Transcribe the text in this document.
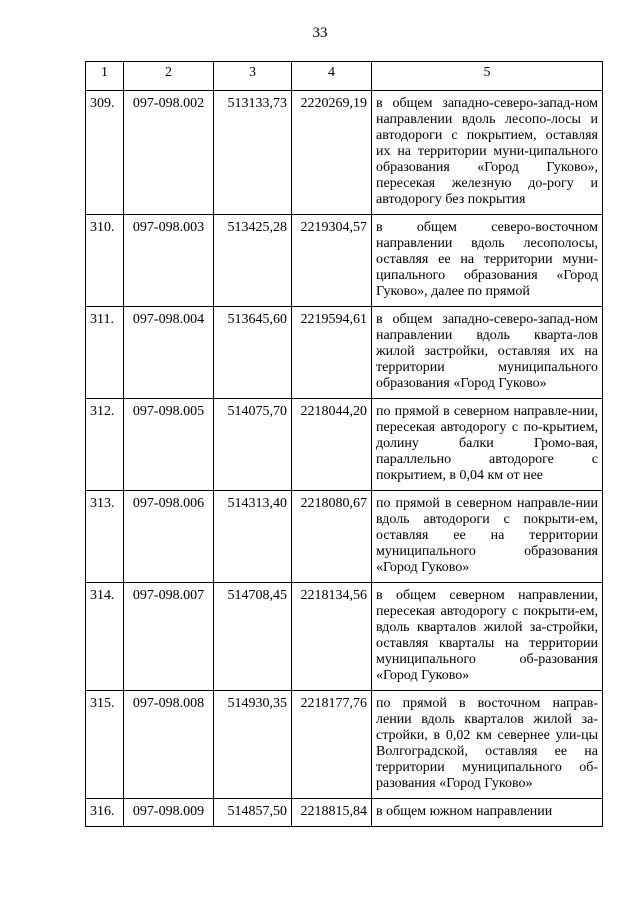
33
1	2	3	4	5
309.	097-098.002	513133,73	2220269,19	в общем западно-северо-запад-ном направлении вдоль лесопо-лосы и автодороги с покрытием, оставляя их на территории муни-ципального образования «Город Гуково», пересекая железную до-рогу и автодорогу без покрытия
310.	097-098.003	513425,28	2219304,57	в общем северо-восточном направлении вдоль лесополосы, оставляя ее на территории муни-ципального образования «Город Гуково», далее по прямой
311.	097-098.004	513645,60	2219594,61	в общем западно-северо-запад-ном направлении вдоль кварта-лов жилой застройки, оставляя их на территории муниципального образования «Город Гуково»
312.	097-098.005	514075,70	2218044,20	по прямой в северном направле-нии, пересекая автодорогу с по-крытием, долину балки Громо-вая, параллельно автодороге с покрытием, в 0,04 км от нее
313.	097-098.006	514313,40	2218080,67	по прямой в северном направле-нии вдоль автодороги с покрыти-ем, оставляя ее на территории муниципального образования «Город Гуково»
314.	097-098.007	514708,45	2218134,56	в общем северном направлении, пересекая автодорогу с покрыти-ем, вдоль кварталов жилой за-стройки, оставляя кварталы на территории муниципального об-разования «Город Гуково»
315.	097-098.008	514930,35	2218177,76	по прямой в восточном направ-лении вдоль кварталов жилой за-стройки, в 0,02 км севернее ули-цы Волгоградской, оставляя ее на территории муниципального об-разования «Город Гуково»
316.	097-098.009	514857,50	2218815,84	в общем южном направлении
